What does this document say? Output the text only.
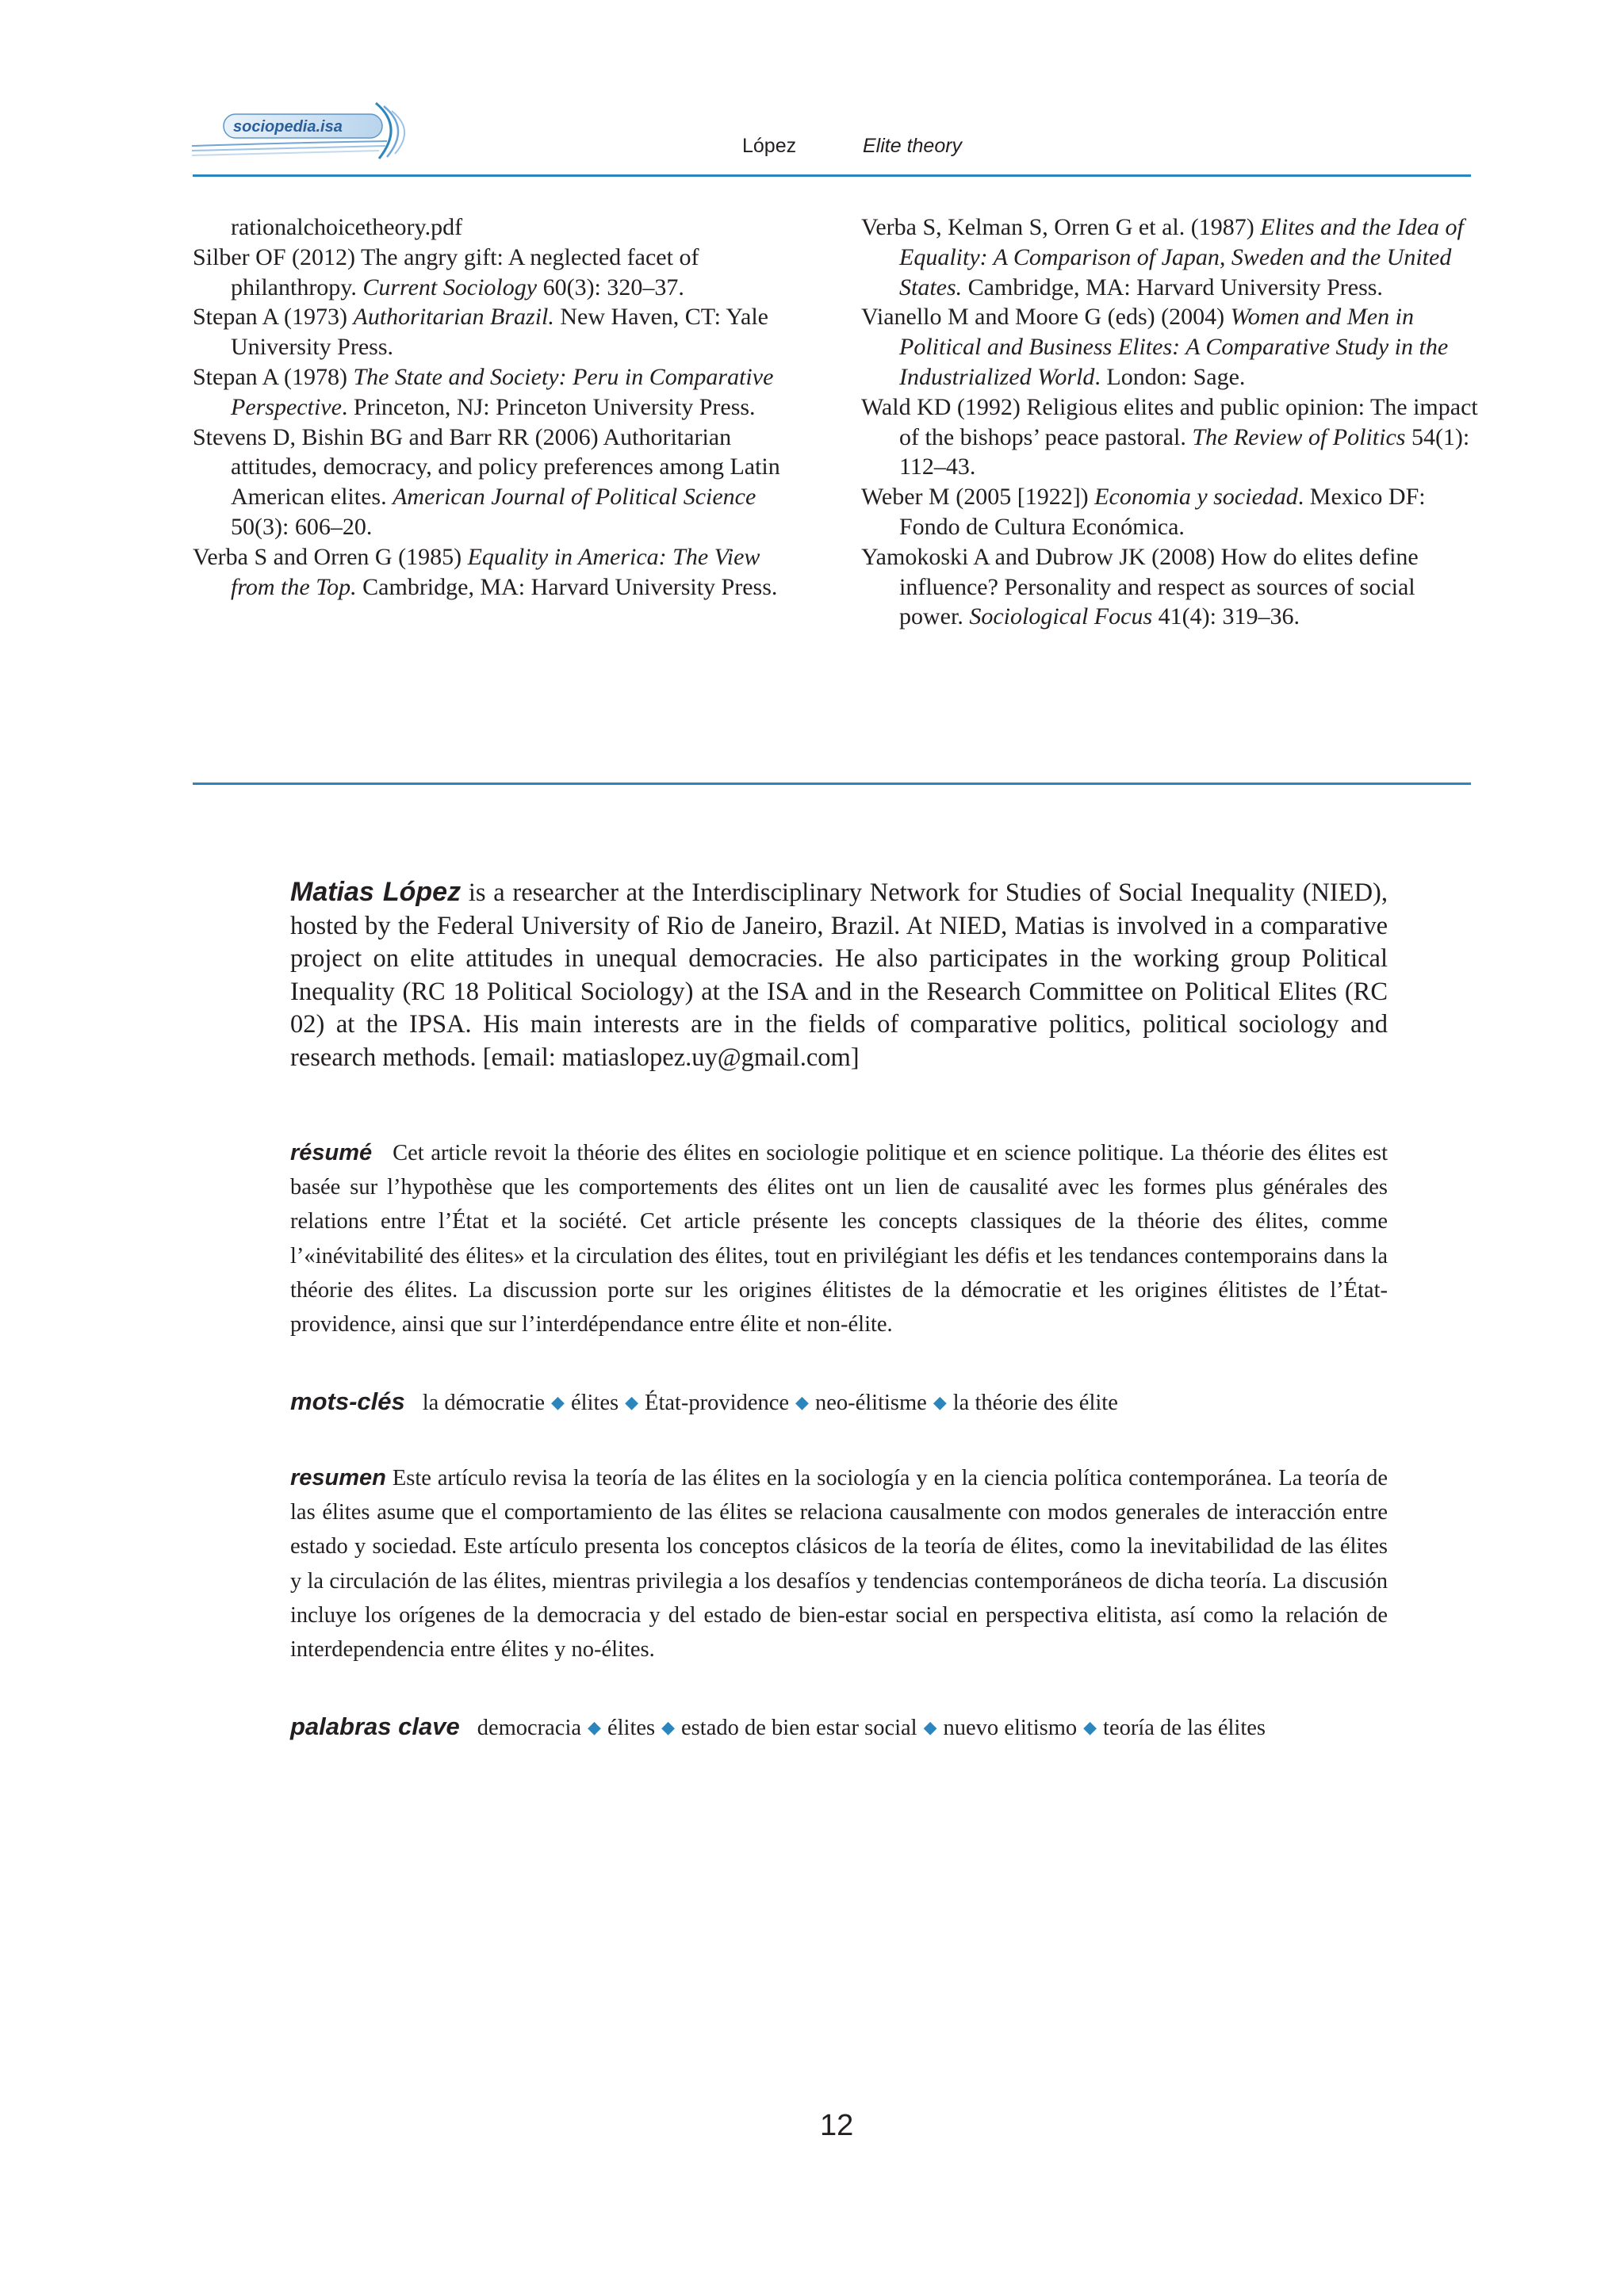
sociopedia.isa
López	Elite theory

rationalchoicetheory.pdf

Silber OF (2012) The angry gift: A neglected facet of philanthropy. Current Sociology 60(3): 320–37.

Stepan A (1973) Authoritarian Brazil. New Haven, CT: Yale University Press.

Stepan A (1978) The State and Society: Peru in Comparative Perspective. Princeton, NJ: Princeton University Press.

Stevens D, Bishin BG and Barr RR (2006) Authoritarian attitudes, democracy, and policy preferences among Latin American elites. American Journal of Political Science 50(3): 606–20.

Verba S and Orren G (1985) Equality in America: The View from the Top. Cambridge, MA: Harvard University Press.

Verba S, Kelman S, Orren G et al. (1987) Elites and the Idea of Equality: A Comparison of Japan, Sweden and the United States. Cambridge, MA: Harvard University Press.

Vianello M and Moore G (eds) (2004) Women and Men in Political and Business Elites: A Comparative Study in the Industrialized World. London: Sage.

Wald KD (1992) Religious elites and public opinion: The impact of the bishops’ peace pastoral. The Review of Politics 54(1): 112–43.

Weber M (2005 [1922]) Economia y sociedad. Mexico DF: Fondo de Cultura Económica.

Yamokoski A and Dubrow JK (2008) How do elites define influence? Personality and respect as sources of social power. Sociological Focus 41(4): 319–36.

Matias López is a researcher at the Interdisciplinary Network for Studies of Social Inequality (NIED), hosted by the Federal University of Rio de Janeiro, Brazil. At NIED, Matias is involved in a comparative project on elite attitudes in unequal democracies. He also participates in the working group Political Inequality (RC 18 Political Sociology) at the ISA and in the Research Committee on Political Elites (RC 02) at the IPSA. His main interests are in the fields of comparative politics, political sociology and research methods. [email: matiaslopez.uy@gmail.com]
résumé Cet article revoit la théorie des élites en sociologie politique et en science politique. La théorie des élites est basée sur l’hypothèse que les comportements des élites ont un lien de causalité avec les formes plus générales des relations entre l’État et la société. Cet article présente les concepts classiques de la théorie des élites, comme l’«inévitabilité des élites» et la circulation des élites, tout en privilégiant les défis et les tendances contemporains dans la théorie des élites. La discussion porte sur les origines élitistes de la démocratie et les origines élitistes de l’État-providence, ainsi que sur l’interdépendance entre élite et non-élite.
mots-clés la démocratie ◆ élites ◆ État-providence ◆ neo-élitisme ◆ la théorie des élite
resumen Este artículo revisa la teoría de las élites en la sociología y en la ciencia política contemporánea. La teoría de las élites asume que el comportamiento de las élites se relaciona causalmente con modos generales de interacción entre estado y sociedad. Este artículo presenta los conceptos clásicos de la teoría de élites, como la inevitabilidad de las élites y la circulación de las élites, mientras privilegia a los desafíos y tendencias contemporáneos de dicha teoría. La discusión incluye los orígenes de la democracia y del estado de bien-estar social en perspectiva elitista, así como la relación de interdependencia entre élites y no-élites.
palabras clave democracia ◆ élites ◆ estado de bien estar social ◆ nuevo elitismo ◆ teoría de las élites
12
